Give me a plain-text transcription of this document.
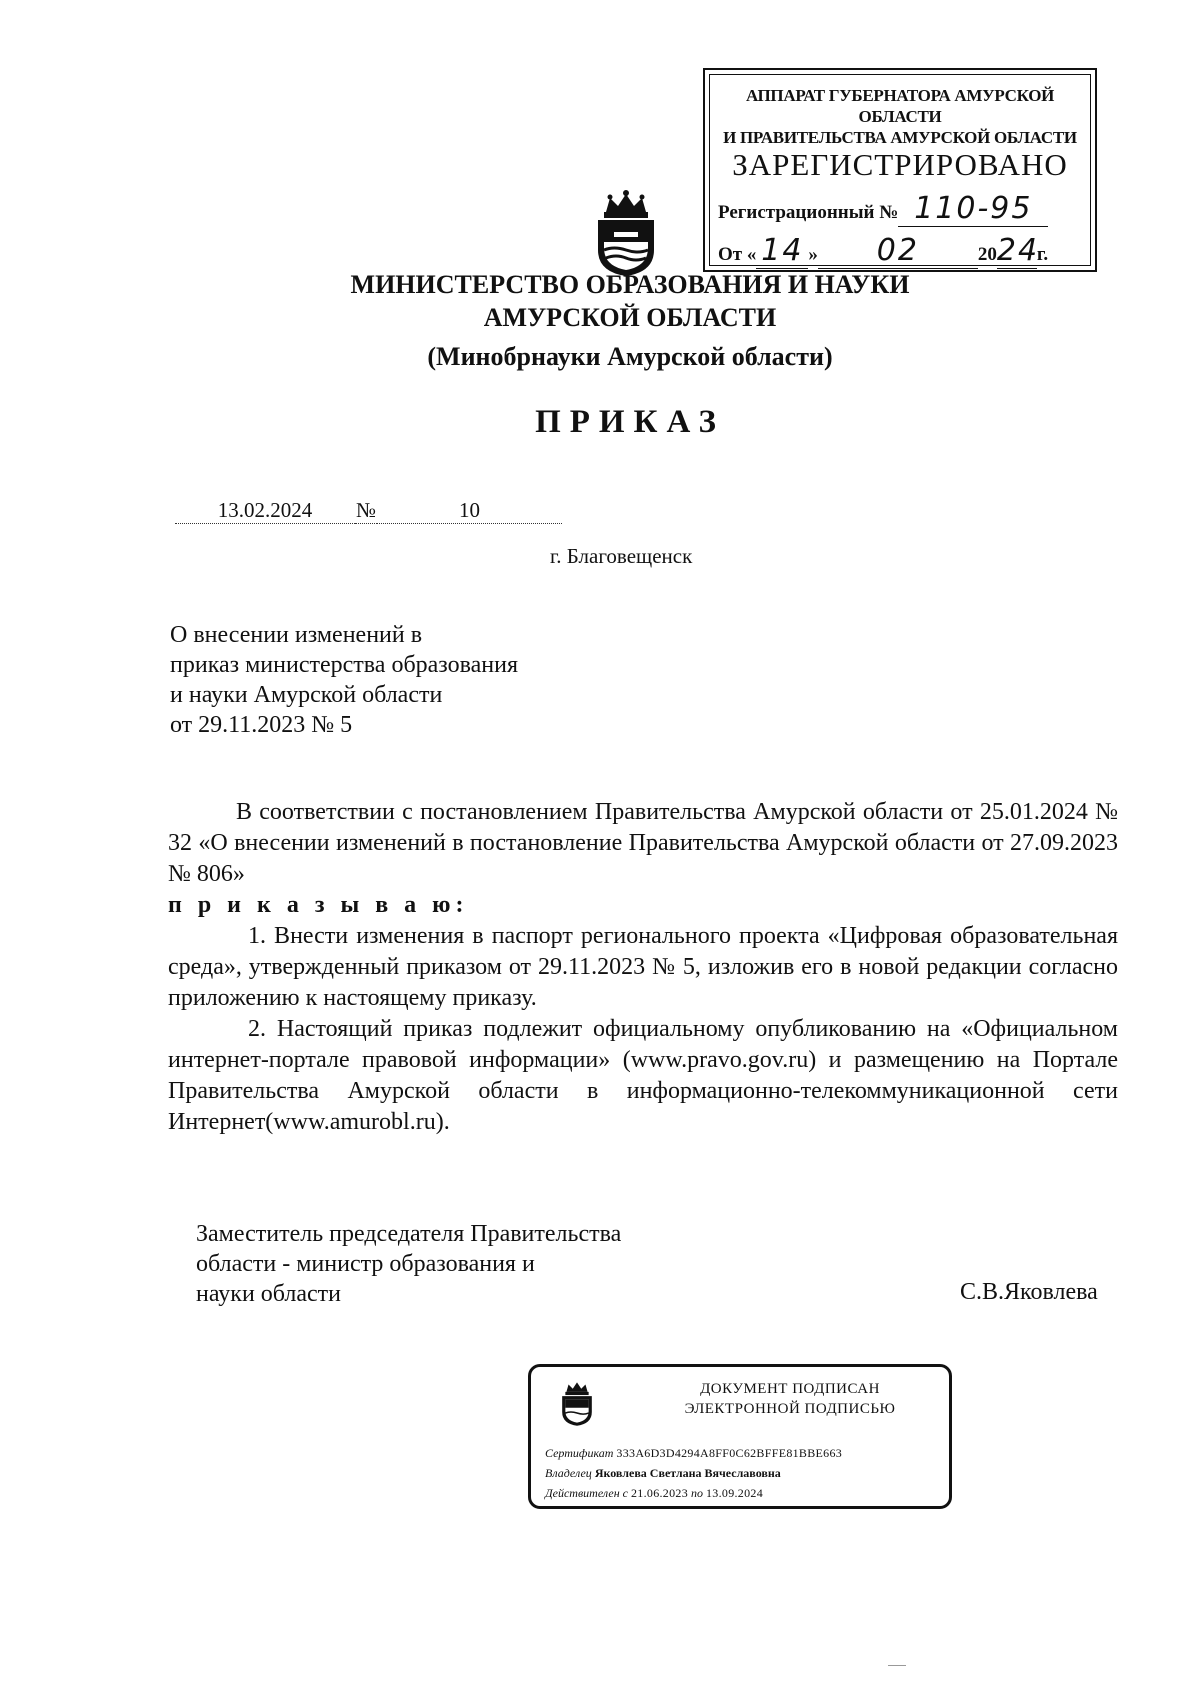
АППАРАТ ГУБЕРНАТОРА АМУРСКОЙ ОБЛАСТИ
И ПРАВИТЕЛЬСТВА АМУРСКОЙ ОБЛАСТИ
ЗАРЕГИСТРИРОВАНО
Регистрационный № 110-95
От « 14 » 02	2024г.
МИНИСТЕРСТВО ОБРАЗОВАНИЯ И НАУКИ
АМУРСКОЙ ОБЛАСТИ
(Минобрнауки Амурской области)
ПРИКАЗ
13.02.2024 №	10
г. Благовещенск
О внесении изменений в
приказ министерства образования
и науки Амурской области
от 29.11.2023 № 5

В соответствии с постановлением Правительства Амурской области от 25.01.2024 № 32 «О внесении изменений в постановление Правительства Амурской области от 27.09.2023 № 806»

п р и к а з ы в а ю:

1. Внести изменения в паспорт регионального проекта «Цифровая образовательная среда», утвержденный приказом от 29.11.2023 № 5, изложив его в новой редакции согласно приложению к настоящему приказу.

2. Настоящий приказ подлежит официальному опубликованию на «Официальном интернет-портале правовой информации» (www.pravo.gov.ru) и размещению на Портале Правительства Амурской области в информационно-телекоммуникационной сети Интернет(www.amurobl.ru).

Заместитель председателя Правительства
области - министр образования и
науки области	С.В.Яковлева
ДОКУМЕНТ ПОДПИСАН
ЭЛЕКТРОННОЙ ПОДПИСЬЮ
Сертификат 333A6D3D4294A8FF0C62BFFE81BBE663
Владелец Яковлева Светлана Вячеславовна
Действителен с 21.06.2023 по 13.09.2024
